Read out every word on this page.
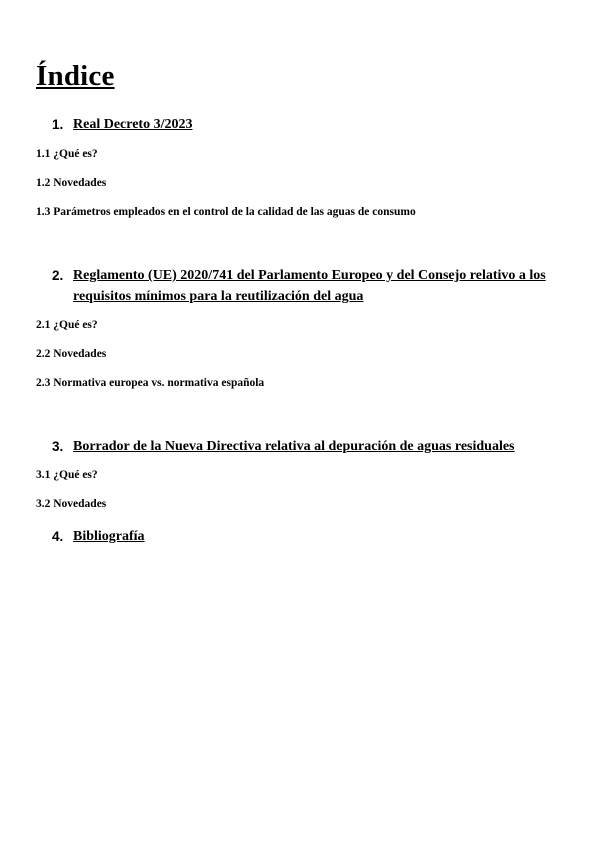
Índice
1. Real Decreto 3/2023
1.1 ¿Qué es?
1.2 Novedades
1.3 Parámetros empleados en el control de la calidad de las aguas de consumo
2. Reglamento (UE) 2020/741 del Parlamento Europeo y del Consejo relativo a los requisitos mínimos para la reutilización del agua
2.1 ¿Qué es?
2.2 Novedades
2.3 Normativa europea vs. normativa española
3. Borrador de la Nueva Directiva relativa al depuración de aguas residuales
3.1 ¿Qué es?
3.2 Novedades
4. Bibliografía
